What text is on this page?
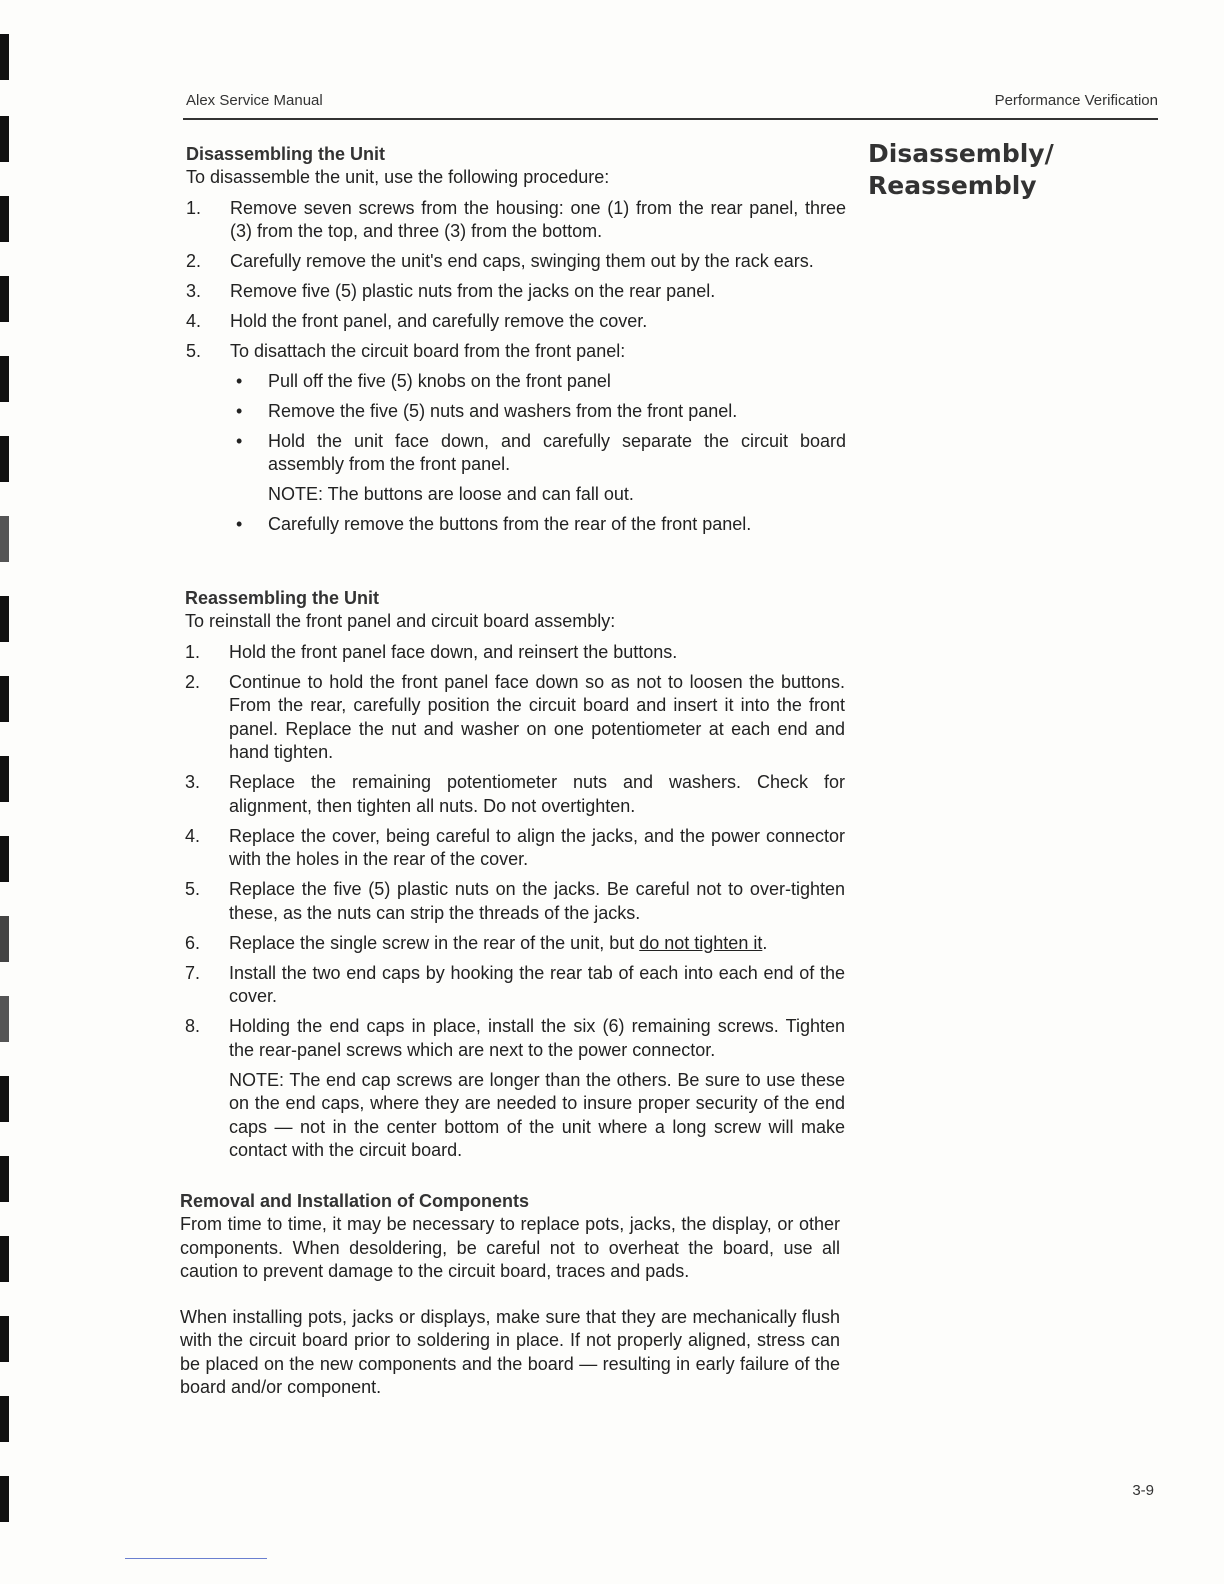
Alex Service Manual	Performance Verification
Disassembly/
Reassembly

Disassembling the Unit

To disassemble the unit, use the following procedure:

1. Remove seven screws from the housing: one (1) from the rear panel, three (3) from the top, and three (3) from the bottom.
2. Carefully remove the unit's end caps, swinging them out by the rack ears.
3. Remove five (5) plastic nuts from the jacks on the rear panel.
4. Hold the front panel, and carefully remove the cover.
5. To disattach the circuit board from the front panel:
• Pull off the five (5) knobs on the front panel
• Remove the five (5) nuts and washers from the front panel.
• Hold the unit face down, and carefully separate the circuit board assembly from the front panel.

NOTE: The buttons are loose and can fall out.

• Carefully remove the buttons from the rear of the front panel.

Reassembling the Unit

To reinstall the front panel and circuit board assembly:

1. Hold the front panel face down, and reinsert the buttons.
2. Continue to hold the front panel face down so as not to loosen the buttons. From the rear, carefully position the circuit board and insert it into the front panel. Replace the nut and washer on one potentiometer at each end and hand tighten.
3. Replace the remaining potentiometer nuts and washers. Check for alignment, then tighten all nuts. Do not overtighten.
4. Replace the cover, being careful to align the jacks, and the power connector with the holes in the rear of the cover.
5. Replace the five (5) plastic nuts on the jacks. Be careful not to over-tighten these, as the nuts can strip the threads of the jacks.
6. Replace the single screw in the rear of the unit, but do not tighten it.
7. Install the two end caps by hooking the rear tab of each into each end of the cover.
8. Holding the end caps in place, install the six (6) remaining screws. Tighten the rear-panel screws which are next to the power connector.

NOTE: The end cap screws are longer than the others. Be sure to use these on the end caps, where they are needed to insure proper security of the end caps — not in the center bottom of the unit where a long screw will make contact with the circuit board.

Removal and Installation of Components

From time to time, it may be necessary to replace pots, jacks, the display, or other components. When desoldering, be careful not to overheat the board, use all caution to prevent damage to the circuit board, traces and pads.

When installing pots, jacks or displays, make sure that they are mechanically flush with the circuit board prior to soldering in place. If not properly aligned, stress can be placed on the new components and the board — resulting in early failure of the board and/or component.

3-9
